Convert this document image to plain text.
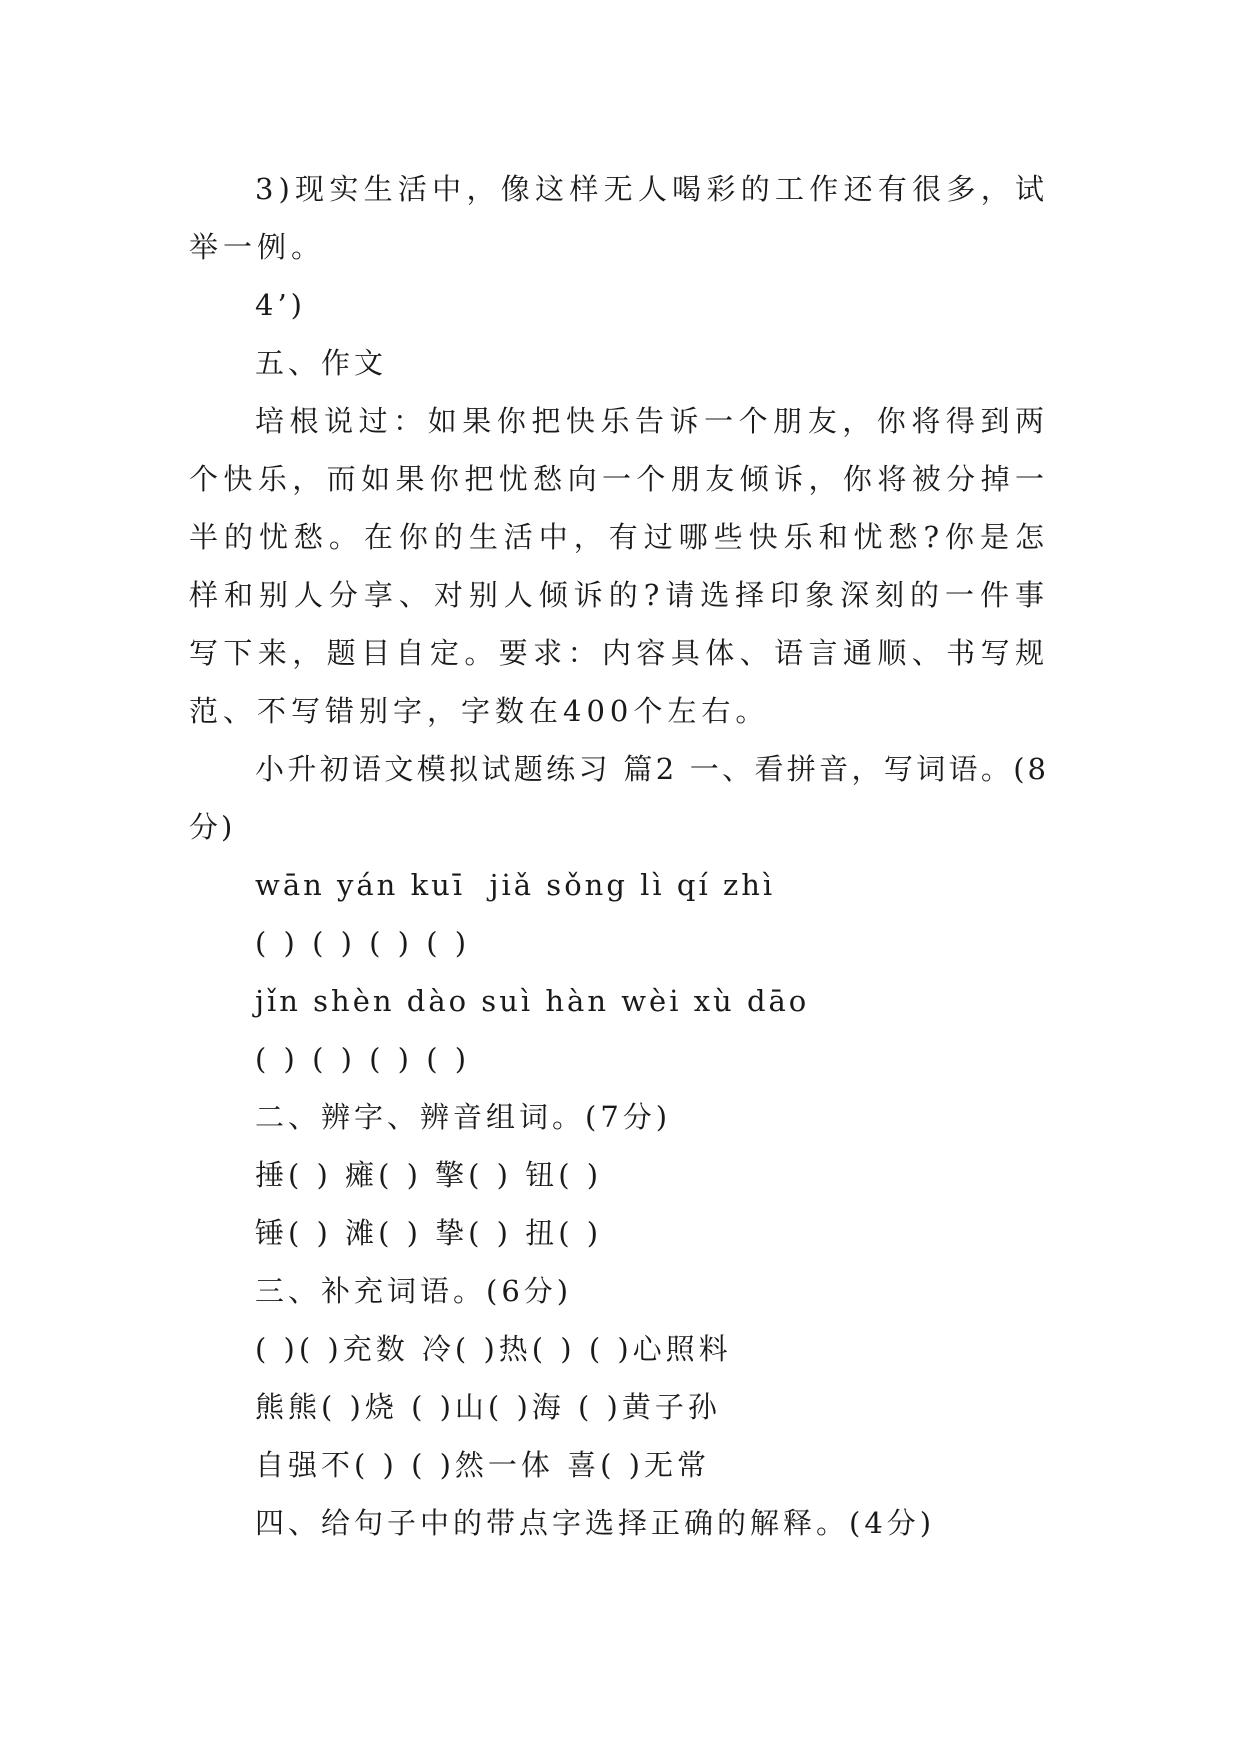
3)现实生活中，像这样无人喝彩的工作还有很多，试举一例。

4’)
五、作文

培根说过：如果你把快乐告诉一个朋友，你将得到两个快乐，而如果你把忧愁向一个朋友倾诉，你将被分掉一半的忧愁。在你的生活中，有过哪些快乐和忧愁?你是怎样和别人分享、对别人倾诉的?请选择印象深刻的一件事写下来，题目自定。要求：内容具体、语言通顺、书写规范、不写错别字，字数在400个左右。

小升初语文模拟试题练习 篇2 一、看拼音，写词语。(8分)

wān yán kuī  jiǎ sǒng lì qí zhì
( ) ( ) ( ) ( )
jǐn shèn dào suì hàn wèi xù dāo
( ) ( ) ( ) ( )
二、辨字、辨音组词。(7分)
捶( ) 瘫( ) 擎( ) 钮( )
锤( ) 滩( ) 挚( ) 扭( )
三、补充词语。(6分)
( )( )充数 冷( )热( ) ( )心照料
熊熊( )烧 ( )山( )海 ( )黄子孙
自强不( ) ( )然一体 喜( )无常
四、给句子中的带点字选择正确的解释。(4分)
